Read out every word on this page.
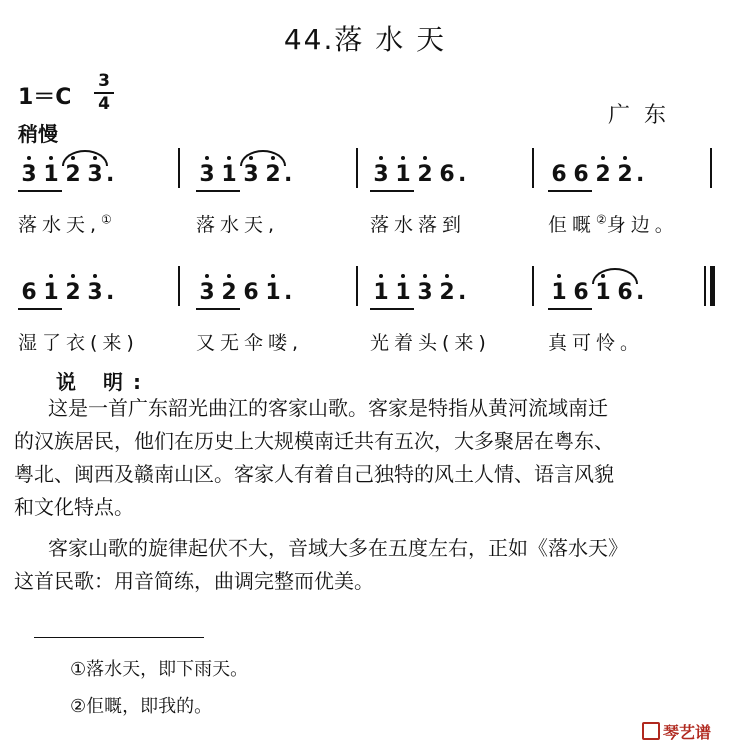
44.落 水 天
1＝C
3
4	广东
稍慢
3 1 2 3 .
落水天,①
3 1 3 2 .
落水天,
3 1 2 6 .
落水落到
6 6 2 2 .
佢嘅②身边。
6 1 2 3 .
湿了衣(来)
3 2 6 1 .
又无伞喽,
1 1 3 2 .
光着头(来)
1 6 1 6 .
真可怜。
说 明:
这是一首广东韶光曲江的客家山歌。客家是特指从黄河流域南迁
的汉族居民，他们在历史上大规模南迁共有五次，大多聚居在粤东、
粤北、闽西及赣南山区。客家人有着自己独特的风土人情、语言风貌
和文化特点。
客家山歌的旋律起伏不大，音域大多在五度左右，正如《落水天》
这首民歌：用音简练，曲调完整而优美。
①落水天，即下雨天。
②佢嘅，即我的。
琴艺谱
